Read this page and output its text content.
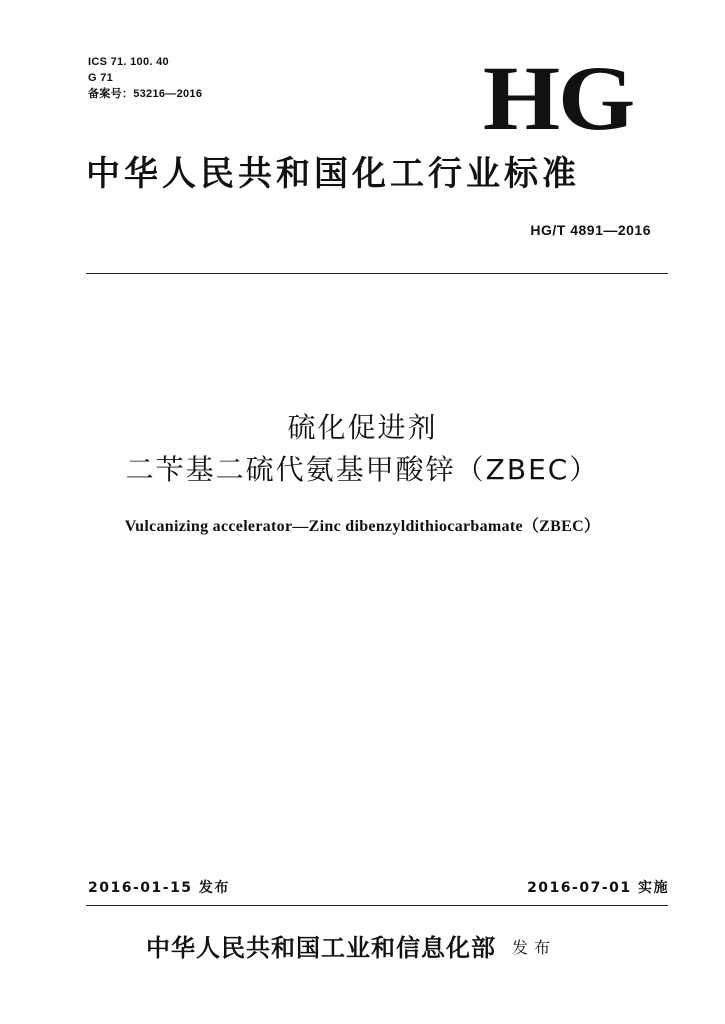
ICS 71. 100. 40
G 71
备案号：53216—2016	HG
中华人民共和国化工行业标准
HG/T 4891—2016
硫化促进剂
二苄基二硫代氨基甲酸锌（ZBEC）
Vulcanizing accelerator—Zinc dibenzyldithiocarbamate（ZBEC）
2016-01-15 发布	2016-07-01 实施
中华人民共和国工业和信息化部 发布
